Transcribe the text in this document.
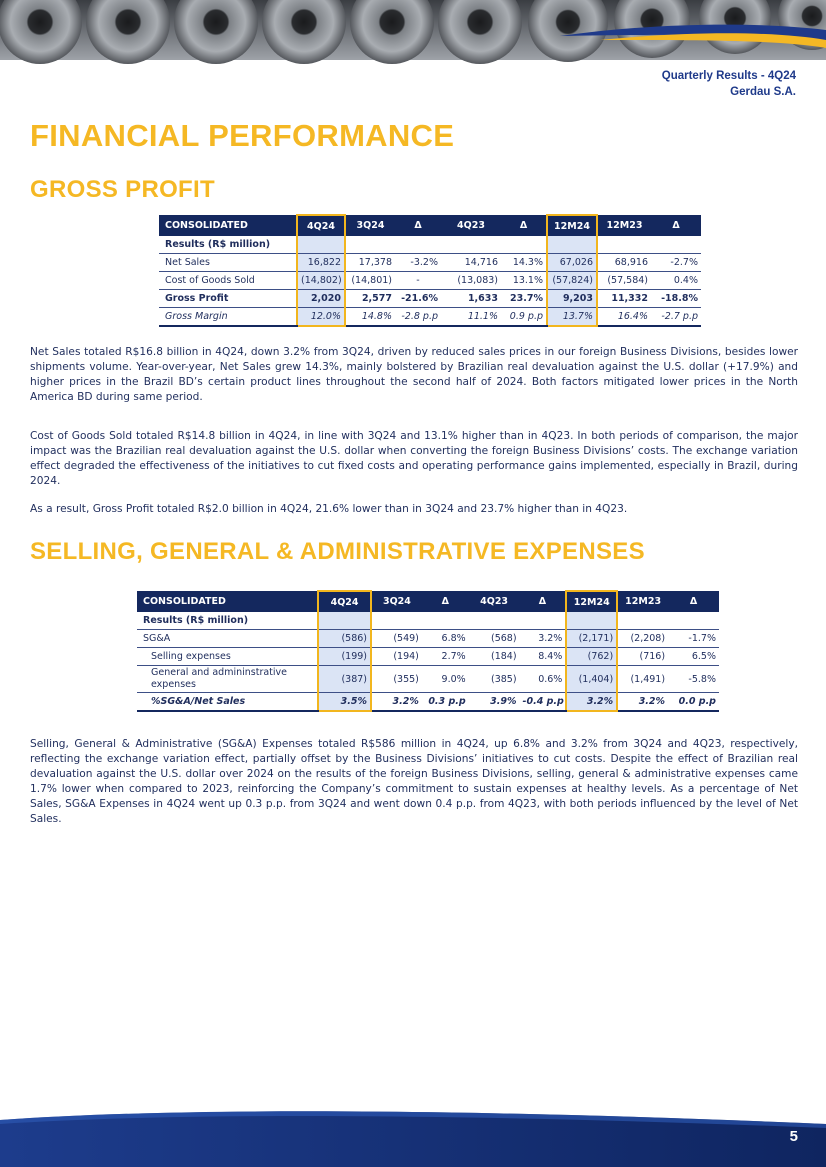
Quarterly Results - 4Q24
Gerdau S.A.
FINANCIAL PERFORMANCE
GROSS PROFIT
CONSOLIDATED	4Q24	3Q24	Δ	4Q23	Δ	12M24	12M23	Δ
Results (R$ million)								
Net Sales	16,822	17,378	-3.2%	14,716	14.3%	67,026	68,916	-2.7%
Cost of Goods Sold	(14,802)	(14,801)	-	(13,083)	13.1%	(57,824)	(57,584)	0.4%
Gross Profit	2,020	2,577	-21.6%	1,633	23.7%	9,203	11,332	-18.8%
Gross Margin	12.0%	14.8%	-2.8 p.p	11.1%	0.9 p.p	13.7%	16.4%	-2.7 p.p

Net Sales totaled R$16.8 billion in 4Q24, down 3.2% from 3Q24, driven by reduced sales prices in our foreign Business Divisions, besides lower shipments volume. Year-over-year, Net Sales grew 14.3%, mainly bolstered by Brazilian real devaluation against the U.S. dollar (+17.9%) and higher prices in the Brazil BD’s certain product lines throughout the second half of 2024. Both factors mitigated lower prices in the North America BD during same period.

Cost of Goods Sold totaled R$14.8 billion in 4Q24, in line with 3Q24 and 13.1% higher than in 4Q23. In both periods of comparison, the major impact was the Brazilian real devaluation against the U.S. dollar when converting the foreign Business Divisions’ costs. The exchange variation effect degraded the effectiveness of the initiatives to cut fixed costs and operating performance gains implemented, especially in Brazil, during 2024.

As a result, Gross Profit totaled R$2.0 billion in 4Q24, 21.6% lower than in 3Q24 and 23.7% higher than in 4Q23.

SELLING, GENERAL & ADMINISTRATIVE EXPENSES
CONSOLIDATED	4Q24	3Q24	Δ	4Q23	Δ	12M24	12M23	Δ
Results (R$ million)								
SG&A	(586)	(549)	6.8%	(568)	3.2%	(2,171)	(2,208)	-1.7%
Selling expenses	(199)	(194)	2.7%	(184)	8.4%	(762)	(716)	6.5%
General and admininstrative expenses	(387)	(355)	9.0%	(385)	0.6%	(1,404)	(1,491)	-5.8%
%SG&A/Net Sales	3.5%	3.2%	0.3 p.p	3.9%	-0.4 p.p	3.2%	3.2%	0.0 p.p

Selling, General & Administrative (SG&A) Expenses totaled R$586 million in 4Q24, up 6.8% and 3.2% from 3Q24 and 4Q23, respectively, reflecting the exchange variation effect, partially offset by the Business Divisions’ initiatives to cut costs. Despite the effect of Brazilian real devaluation against the U.S. dollar over 2024 on the results of the foreign Business Divisions, selling, general & administrative expenses came 1.7% lower when compared to 2023, reinforcing the Company’s commitment to sustain expenses at healthy levels. As a percentage of Net Sales, SG&A Expenses in 4Q24 went up 0.3 p.p. from 3Q24 and went down 0.4 p.p. from 4Q23, with both periods influenced by the level of Net Sales.

5
